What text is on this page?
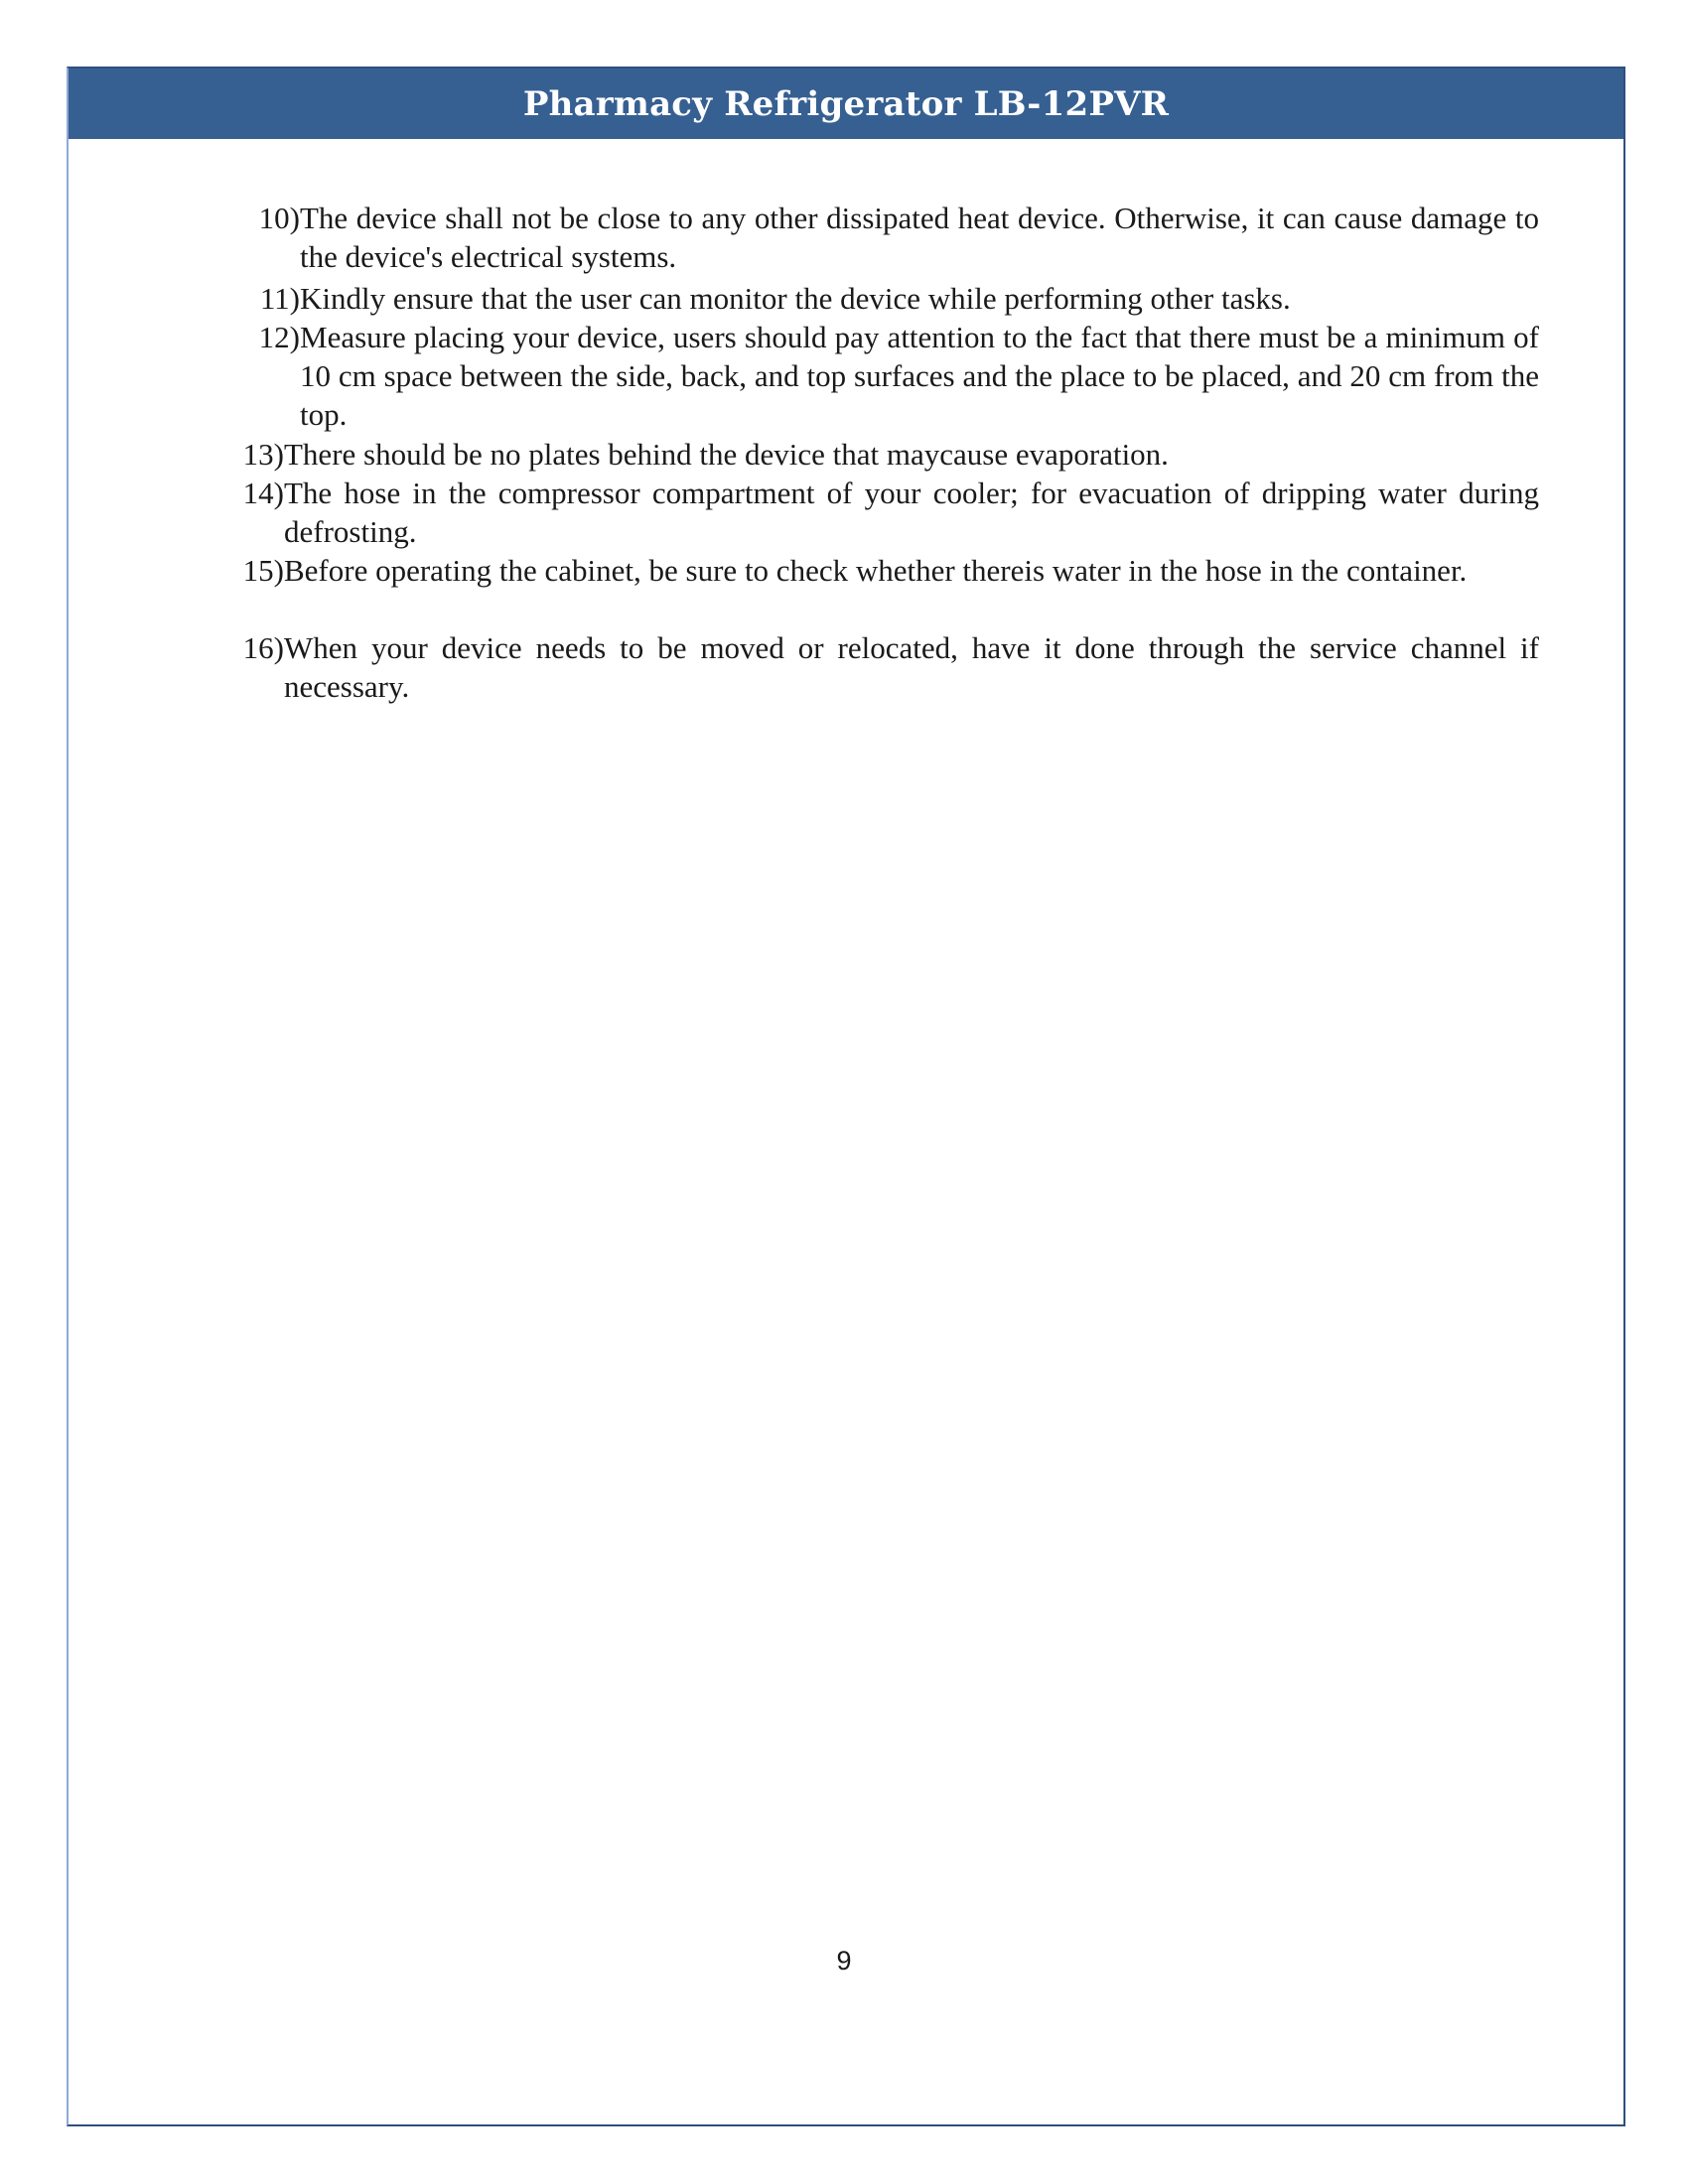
Pharmacy Refrigerator LB-12PVR
10) The device shall not be close to any other dissipated heat device. Otherwise, it can cause damage to the device's electrical systems.
11) Kindly ensure that the user can monitor the device while performing other tasks.
12) Measure placing your device, users should pay attention to the fact that there must be a minimum of 10 cm space between the side, back, and top surfaces and the place to be placed, and 20 cm from the top.
13) There should be no plates behind the device that maycause evaporation.
14) The hose in the compressor compartment of your cooler; for evacuation of dripping water during defrosting.
15) Before operating the cabinet, be sure to check whether thereis water in the hose in the container.
16) When your device needs to be moved or relocated, have it done through the service channel if necessary.
9
